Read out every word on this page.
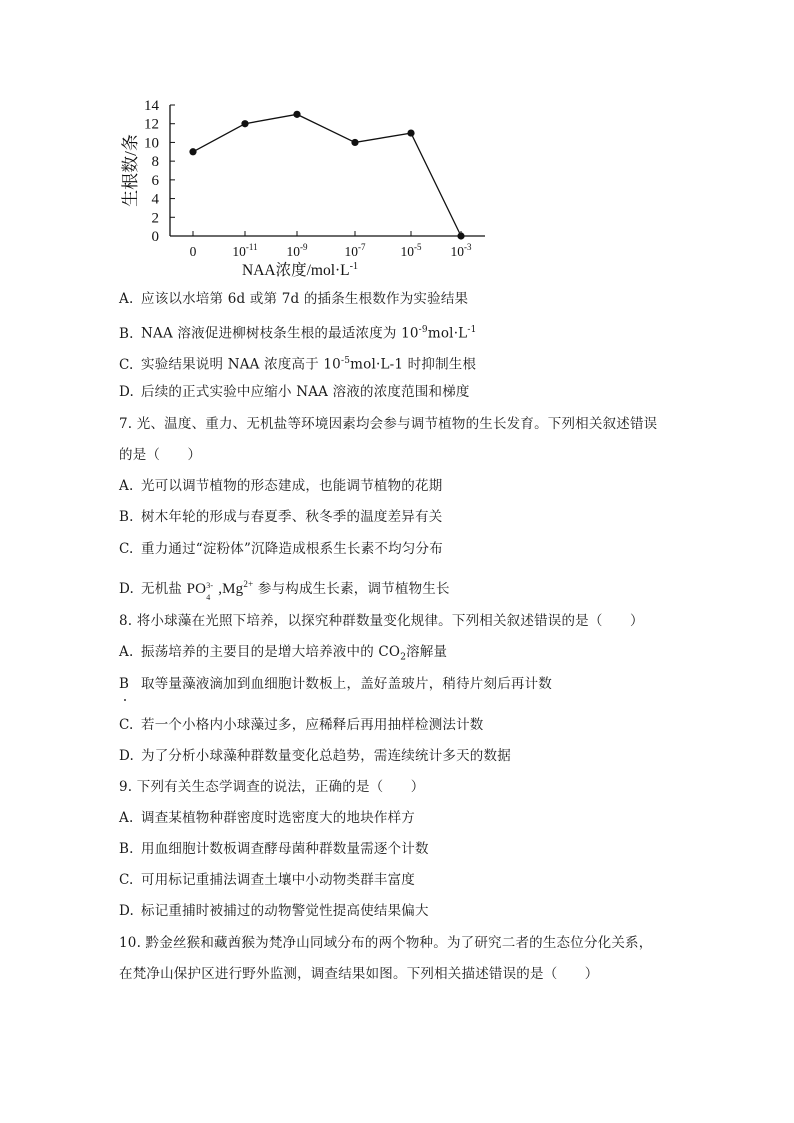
0
2
4
6
8
10
12
14
0	$10^{-11}$ $10^{-9}$	$10^{-7}$	$10^{-5}$ $10^{-3}$
生根数/条
NAA浓度$/mol\cdot L^{-1}$
A. 应该以水培第 6d 或第 7d 的插条生根数作为实验结果
B. NAA 溶液促进柳树枝条生根的最适浓度为 $10^{-9}mol\cdot L^{-1}$
C. 实验结果说明 NAA 浓度高于 $10^{-5}mol\cdot L-1$ 时抑制生根
D. 后续的正式实验中应缩小 NAA 溶液的浓度范围和梯度
7. 光、温度、重力、无机盐等环境因素均会参与调节植物的生长发育。下列相关叙述错误
的是（　　）
A. 光可以调节植物的形态建成，也能调节植物的花期
B. 树木年轮的形成与春夏季、秋冬季的温度差异有关
C. 重力通过“淀粉体”沉降造成根系生长素不均匀分布
D. 无机盐 PO 3-
4
$,Mg^{2+}$ 参与构成生长素，调节植物生长
8. 将小球藻在光照下培养，以探究种群数量变化规律。下列相关叙述错误的是（　　）
A. 振荡培养的主要目的是增大培养液中的 $CO_2$溶解量
B 取等量藻液滴加到血细胞计数板上，盖好盖玻片，稍待片刻后再计数
C. 若一个小格内小球藻过多，应稀释后再用抽样检测法计数
D. 为了分析小球藻种群数量变化总趋势，需连续统计多天的数据
9. 下列有关生态学调查的说法，正确的是（　　）
A. 调查某植物种群密度时选密度大的地块作样方
B. 用血细胞计数板调查酵母菌种群数量需逐个计数
C. 可用标记重捕法调查土壤中小动物类群丰富度
D. 标记重捕时被捕过的动物警觉性提高使结果偏大
10. 黔金丝猴和藏酋猴为梵净山同域分布的两个物种。为了研究二者的生态位分化关系，
在梵净山保护区进行野外监测，调查结果如图。下列相关描述错误的是（　　）
